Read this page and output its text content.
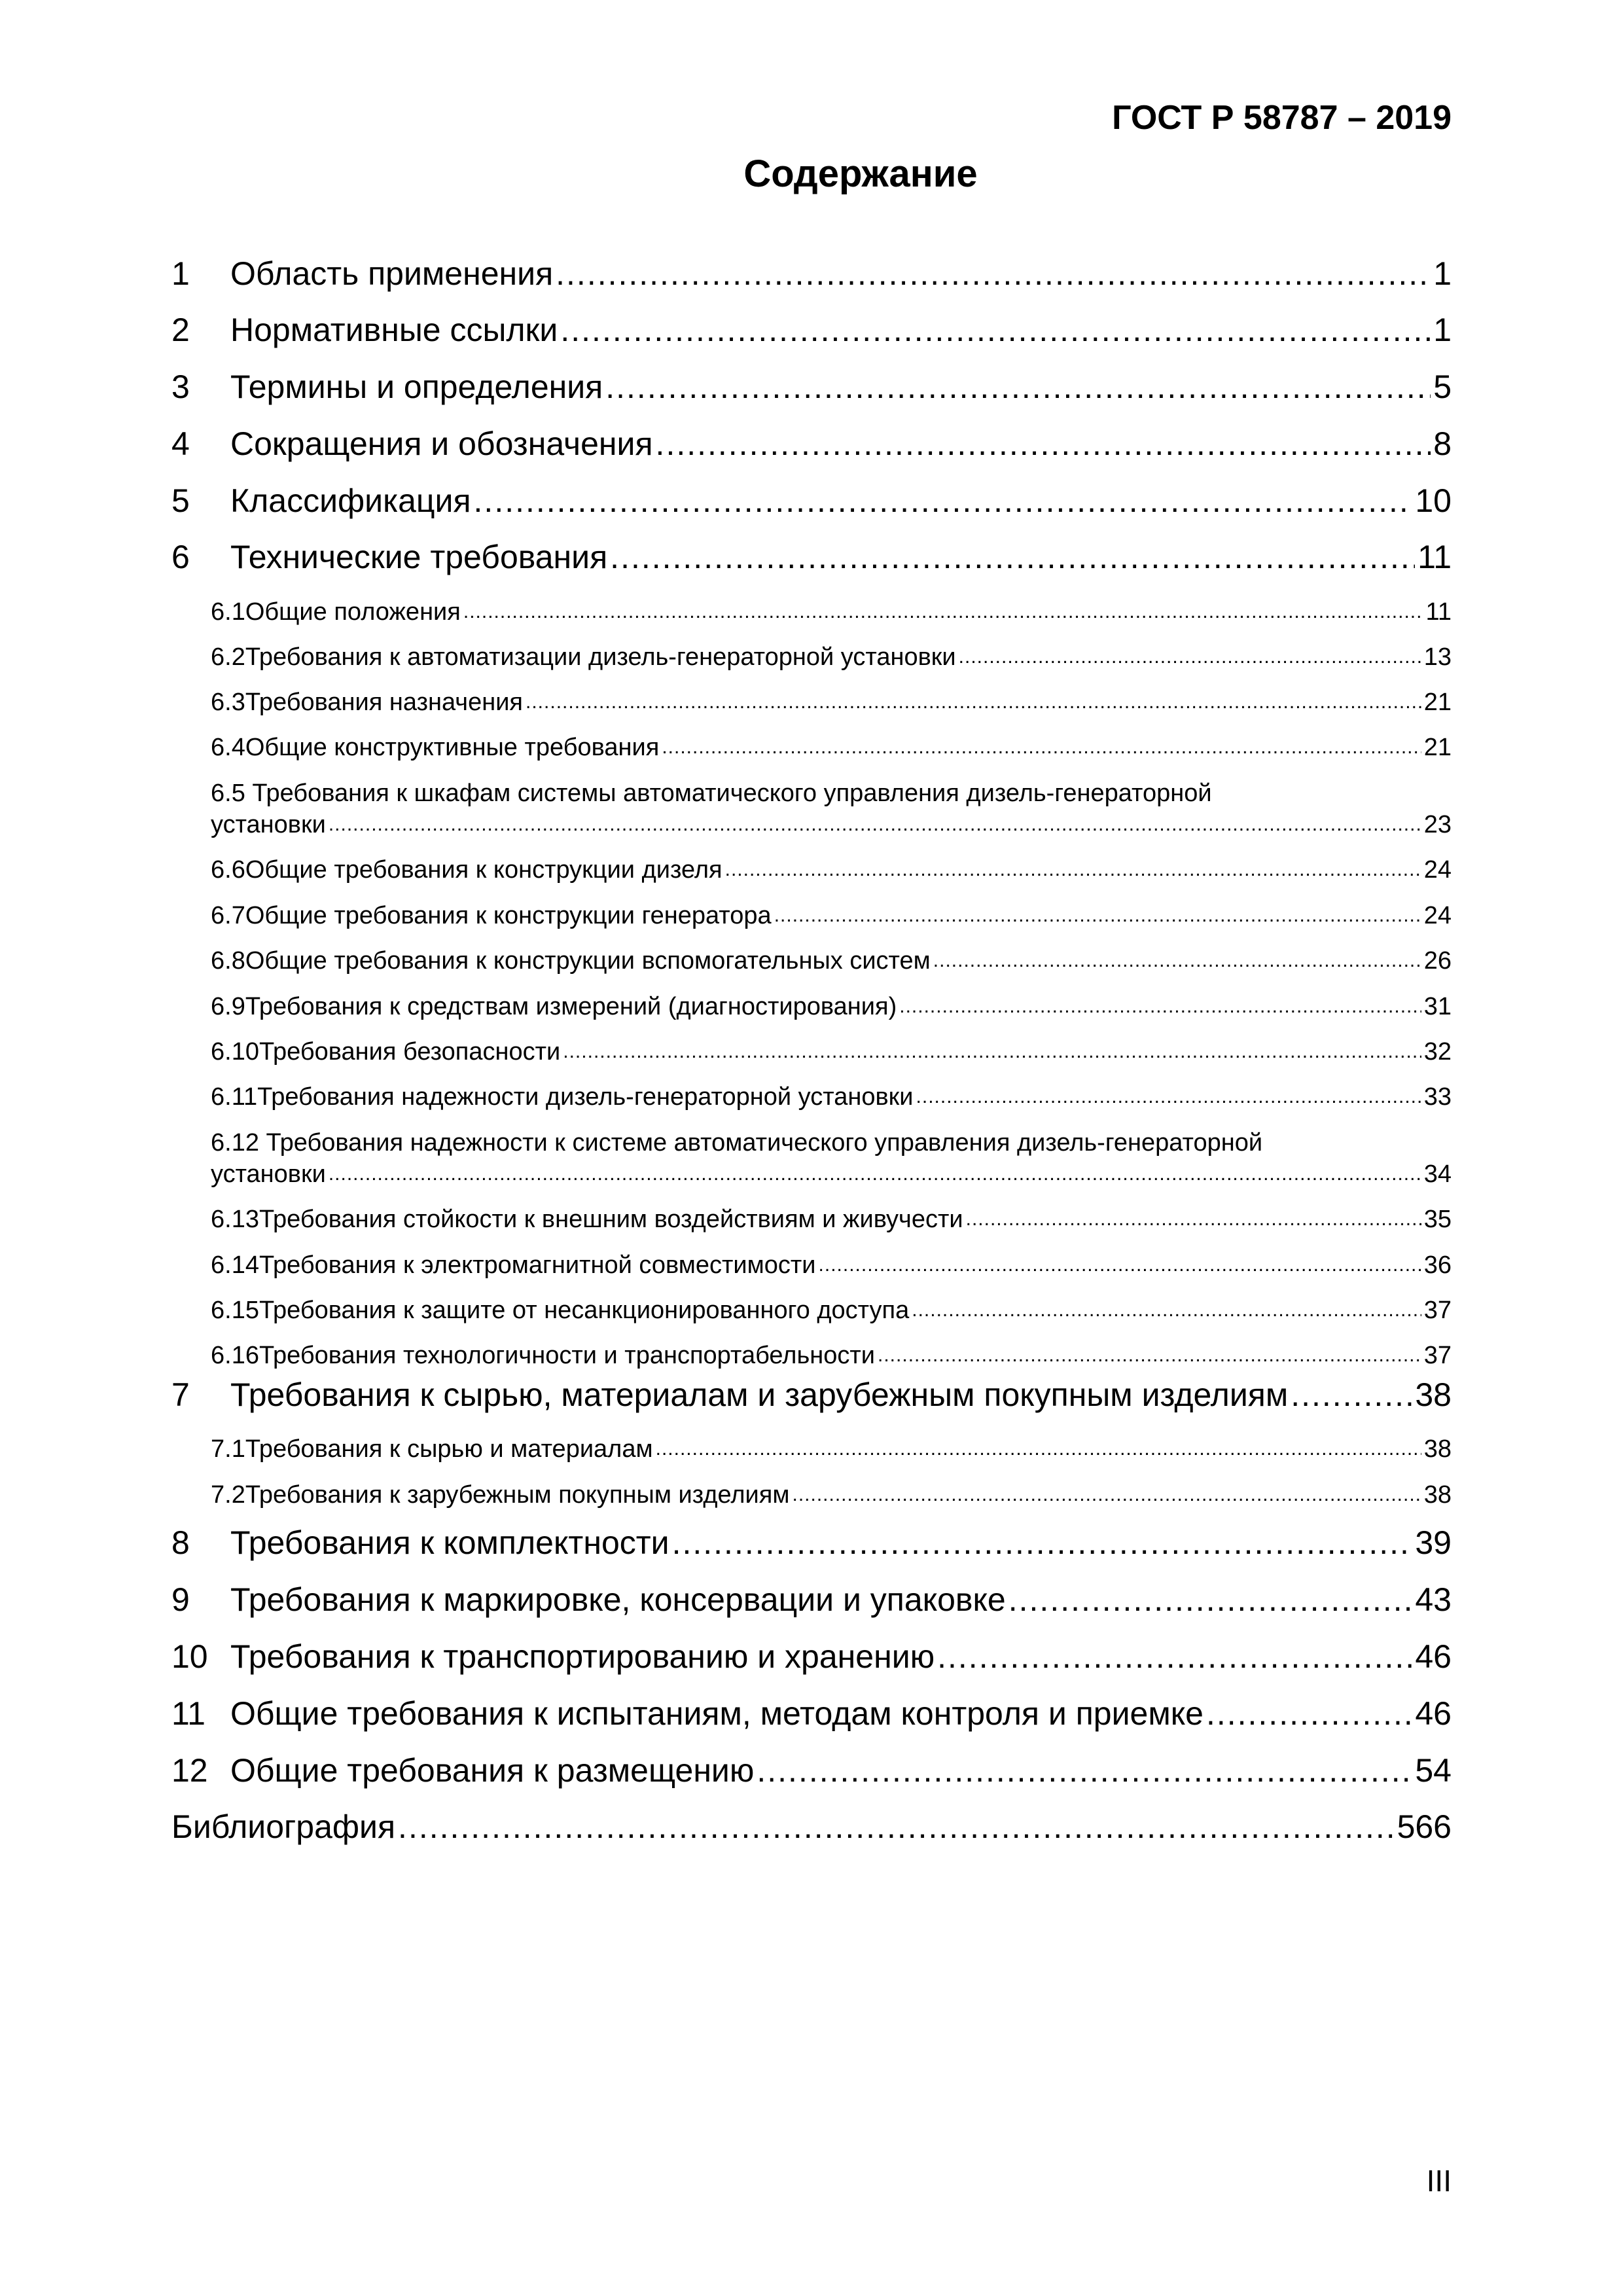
ГОСТ Р 58787 – 2019
Содержание
1	Область применения .....	1
2	Нормативные ссылки .....	1
3	Термины и определения .....	5
4	Сокращения и обозначения .....	8
5	Классификация .....	10
6	Технические требования .....	11
6.1 Общие положения .....	11
6.2 Требования к автоматизации дизель-генераторной установки .....	13
6.3 Требования назначения .....	21
6.4 Общие конструктивные требования .....	21
6.5 Требования к шкафам системы автоматического управления дизель-генераторной
установки .....	23
6.6 Общие требования к конструкции дизеля .....	24
6.7 Общие требования к конструкции генератора .....	24
6.8 Общие требования к конструкции вспомогательных систем .....	26
6.9 Требования к средствам измерений (диагностирования) .....	31
6.10 Требования безопасности .....	32
6.11 Требования надежности дизель-генераторной установки .....	33
6.12 Требования надежности к системе автоматического управления дизель-генераторной
установки .....	34
6.13 Требования стойкости к внешним воздействиям и живучести .....	35
6.14 Требования к электромагнитной совместимости .....	36
6.15 Требования к защите от несанкционированного доступа .....	37
6.16 Требования технологичности и транспортабельности .....	37
7	Требования к сырью, материалам и зарубежным покупным изделиям .....	38
7.1 Требования к сырью и материалам .....	38
7.2 Требования к зарубежным покупным изделиям .....	38
8	Требования к комплектности .....	39
9	Требования к маркировке, консервации и упаковке .....	43
10 Требования к транспортированию и хранению .....	46
11 Общие требования к испытаниям, методам контроля и приемке .....	46
12 Общие требования к размещению .....	54
Библиография .....	566
III
